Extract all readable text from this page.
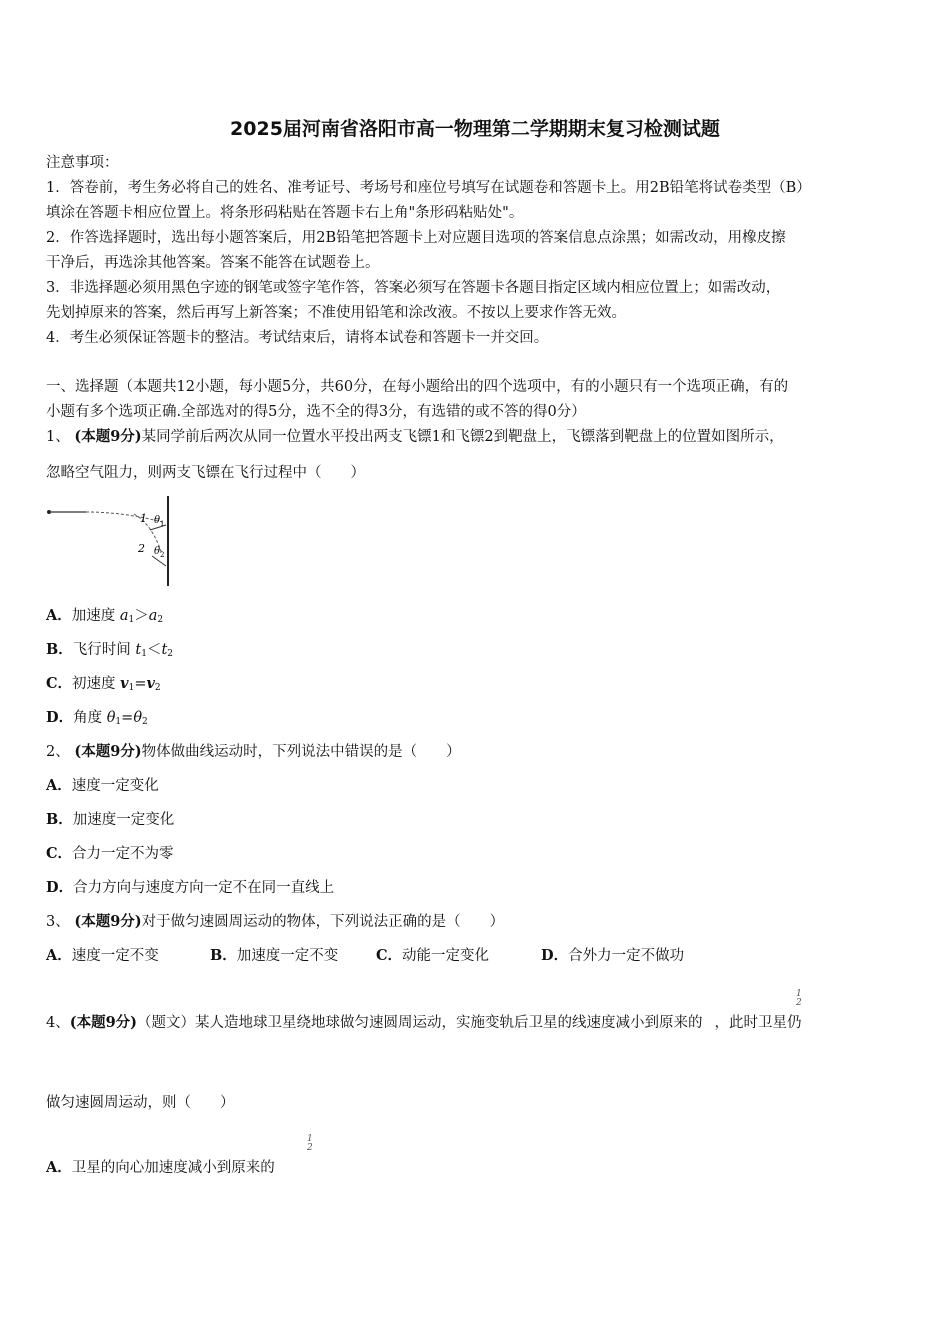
2025届河南省洛阳市高一物理第二学期期末复习检测试题
注意事项：
1．答卷前，考生务必将自己的姓名、准考证号、考场号和座位号填写在试题卷和答题卡上。用2B铅笔将试卷类型（B）
填涂在答题卡相应位置上。将条形码粘贴在答题卡右上角"条形码粘贴处"。
2．作答选择题时，选出每小题答案后，用2B铅笔把答题卡上对应题目选项的答案信息点涂黑；如需改动，用橡皮擦
干净后，再选涂其他答案。答案不能答在试题卷上。
3．非选择题必须用黑色字迹的钢笔或签字笔作答，答案必须写在答题卡各题目指定区域内相应位置上；如需改动，
先划掉原来的答案，然后再写上新答案；不准使用铅笔和涂改液。不按以上要求作答无效。
4．考生必须保证答题卡的整洁。考试结束后，请将本试卷和答题卡一并交回。
一、选择题（本题共12小题，每小题5分，共60分，在每小题给出的四个选项中，有的小题只有一个选项正确，有的
小题有多个选项正确.全部选对的得5分，选不全的得3分，有选错的或不答的得0分）
1、 (本题9分)某同学前后两次从同一位置水平投出两支飞镖1和飞镖2到靶盘上，飞镖落到靶盘上的位置如图所示，
忽略空气阻力，则两支飞镖在飞行过程中（　　）
1
2
θ 1
θ 2
A．加速度 $a_1>a_2$
B．飞行时间 $t_1<t_2$
C．初速度 $v_1=v_2$
D．角度 $\theta_1=\theta_2$
2、 (本题9分)物体做曲线运动时，下列说法中错误的是（　　）
A．速度一定变化
B．加速度一定变化
C．合力一定不为零
D．合力方向与速度方向一定不在同一直线上
3、 (本题9分)对于做匀速圆周运动的物体，下列说法正确的是（　　）
A．速度一定不变	B．加速度一定不变	C．动能一定变化	D．合外力一定不做功
4、(本题9分)（题文）某人造地球卫星绕地球做匀速圆周运动，实施变轨后卫星的线速度减小到原来的 ，此时卫星仍
1
2
做匀速圆周运动，则（　　）
A．卫星的向心加速度减小到原来的
1
2
